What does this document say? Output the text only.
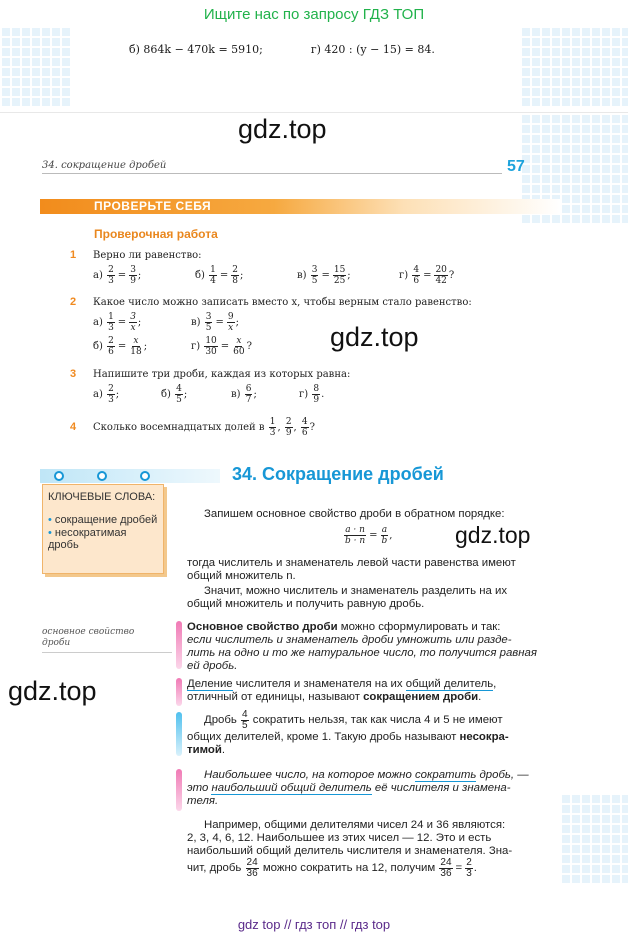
Ищите нас по запросу ГДЗ ТОП

б) 864k − 470k = 5910;	г) 420 : (y − 15) = 84.

gdz.top
gdz.top
gdz.top
gdz.top
34. сокращение дробей	57
ПРОВЕРЬТЕ СЕБЯ
Проверочная работа
1 Верно ли равенство:
а)
$\frac{2}{3} = \frac{3}{9}$ ;	б)
$\frac{1}{4} = \frac{2}{8}$ ;	в)
$\frac{3}{5} = \frac{15}{25}$ ;	г)
$\frac{4}{6} = \frac{20}{42}$ ?
2 Какое число можно записать вместо x, чтобы верным стало равенство:
а)
$\frac{1}{3} = \frac{3}{x}$ ;	в)
$\frac{3}{5} = \frac{9}{x}$ ;
б)
$\frac{2}{6} = \frac{x}{18}$ ;	г)
$\frac{10}{30} = \frac{x}{60}$ ?
3 Напишите три дроби, каждая из которых равна:
а)
$\frac{2}{3}$ ;	б)
$\frac{4}{5}$ ;	в)
$\frac{6}{7}$ ;	г)
$\frac{8}{9}$ .
4 Сколько восемнадцатых долей в
$\frac{1}{3}$ , $\frac{2}{9}$ , $\frac{4}{6}$ ?
34. Сокращение дробей
КЛЮЧЕВЫЕ СЛОВА:
• сокращение дробей
• несократимая дробь
основное свойство дроби
Запишем основное свойство дроби в обратном порядке:
$\frac{a \cdot n}{b \cdot n} = \frac{a}{b}$ ,
тогда числитель и знаменатель левой части равенства имеют
общий множитель n.
Значит, можно числитель и знаменатель разделить на их
общий множитель и получить равную дробь.
Основное свойство дроби можно сформулировать и так:
если числитель и знаменатель дроби умножить или разде-
лить на одно и то же натуральное число, то получится равная
ей дробь.
Деление числителя и знаменателя на их общий делитель,
отличный от единицы, называют сокращением дроби.
Дробь
$\frac{4}{5}$
сократить нельзя, так как числа 4 и 5 не имеют
общих делителей, кроме 1. Такую дробь называют несокра-
тимой.
Наибольшее число, на которое можно сократить дробь, —
это наибольший общий делитель её числителя и знамена-
теля.
Например, общими делителями чисел 24 и 36 являются:
2, 3, 4, 6, 12. Наибольшее из этих чисел — 12. Это и есть
наибольший общий делитель числителя и знаменателя. Зна-
чит, дробь
$\frac{24}{36}$
можно сократить на 12, получим
$\frac{24}{36} = \frac{2}{3}$ .
gdz top // гдз топ // гдз top
